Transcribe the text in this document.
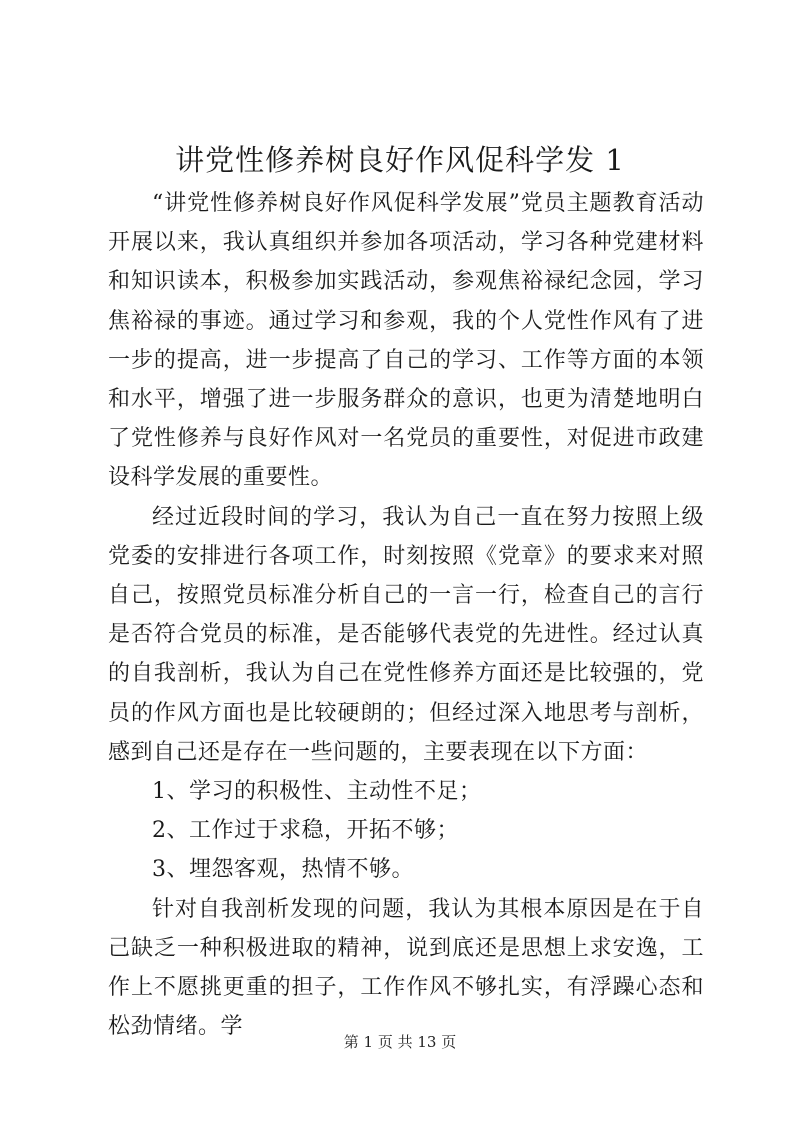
讲党性修养树良好作风促科学发 1

“讲党性修养树良好作风促科学发展”党员主题教育活动开展以来，我认真组织并参加各项活动，学习各种党建材料和知识读本，积极参加实践活动，参观焦裕禄纪念园，学习焦裕禄的事迹。通过学习和参观，我的个人党性作风有了进一步的提高，进一步提高了自己的学习、工作等方面的本领和水平，增强了进一步服务群众的意识，也更为清楚地明白了党性修养与良好作风对一名党员的重要性，对促进市政建设科学发展的重要性。

经过近段时间的学习，我认为自己一直在努力按照上级党委的安排进行各项工作，时刻按照《党章》的要求来对照自己，按照党员标准分析自己的一言一行，检查自己的言行是否符合党员的标准，是否能够代表党的先进性。经过认真的自我剖析，我认为自己在党性修养方面还是比较强的，党员的作风方面也是比较硬朗的；但经过深入地思考与剖析，感到自己还是存在一些问题的，主要表现在以下方面：

1、学习的积极性、主动性不足；

2、工作过于求稳，开拓不够；

3、埋怨客观，热情不够。

针对自我剖析发现的问题，我认为其根本原因是在于自己缺乏一种积极进取的精神，说到底还是思想上求安逸，工作上不愿挑更重的担子，工作作风不够扎实，有浮躁心态和松劲情绪。学

第 1 页 共 13 页
